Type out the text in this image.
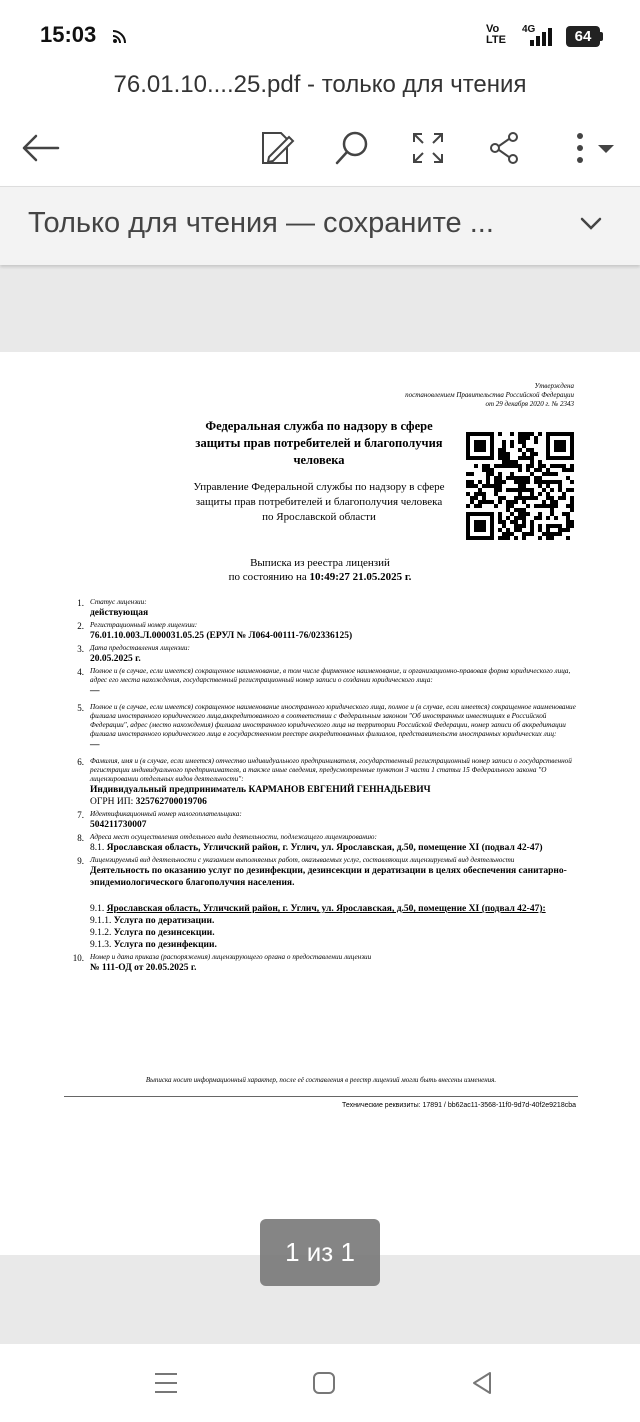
15:03	Vo
LTE
4G	64
76.01.10....25.pdf - только для чтения
Только для чтения — сохраните ...
Утверждена
постановлением Правительства Российской Федерации
от 29 декабря 2020 г. № 2343
Федеральная служба по надзору в сфере защиты прав потребителей и благополучия человека
Управление Федеральной службы по надзору в сфере защиты прав потребителей и благополучия человека по Ярославской области
Выписка из реестра лицензий
по состоянию на 10:49:27 21.05.2025 г.
1. Статус лицензии:
действующая
2. Регистрационный номер лицензии:
76.01.10.003.Л.000031.05.25 (ЕРУЛ № Л064-00111-76/02336125)
3. Дата предоставления лицензии:
20.05.2025 г.
4. Полное и (в случае, если имеется) сокращенное наименование, в том числе фирменное наименование, и организационно-правовая форма юридического лица, адрес его места нахождения, государственный регистрационный номер записи о создании юридического лица:
—
5. Полное и (в случае, если имеется) сокращенное наименование иностранного юридического лица, полное и (в случае, если имеется) сокращенное наименование филиала иностранного юридического лица,аккредитованного в соответствии с Федеральным законом "Об иностранных инвестициях в Российской Федерации", адрес (место нахождения) филиала иностранного юридического лица на территории Российской Федерации, номер записи об аккредитации филиала иностранного юридического лица в государственном реестре аккредитованных филиалов, представительств иностранных юридических лиц:
—
6. Фамилия, имя и (в случае, если имеется) отчество индивидуального предпринимателя, государственный регистрационный номер записи о государственной регистрации индивидуального предпринимателя, а также иные сведения, предусмотренные пунктом 3 части 1 статьи 15 Федерального закона "О лицензировании отдельных видов деятельности":
Индивидуальный предприниматель КАРМАНОВ ЕВГЕНИЙ ГЕННАДЬЕВИЧ
ОГРН ИП: 325762700019706
7. Идентификационный номер налогоплательщика:
504211730007
8. Адреса мест осуществления отдельного вида деятельности, подлежащего лицензированию:
8.1. Ярославская область, Угличский район, г. Углич, ул. Ярославская, д.50, помещение XI (подвал 42-47)
9. Лицензируемый вид деятельности с указанием выполняемых работ, оказываемых услуг, составляющих лицензируемый вид деятельности
Деятельность по оказанию услуг по дезинфекции, дезинсекции и дератизации в целях обеспечения санитарно-эпидемиологического благополучия населения.
9.1. Ярославская область, Угличский район, г. Углич, ул. Ярославская, д.50, помещение XI (подвал 42-47):
9.1.1. Услуга по дератизации.
9.1.2. Услуга по дезинсекции.
9.1.3. Услуга по дезинфекции.
10. Номер и дата приказа (распоряжения) лицензирующего органа о предоставлении лицензии
№ 111-ОД от 20.05.2025 г.
Выписка носит информационный характер, после её составления в реестр лицензий могли быть внесены изменения.
Технические реквизиты: 17891 / bb62ac11-3568-11f0-9d7d-40f2e9218cba
1 из 1
